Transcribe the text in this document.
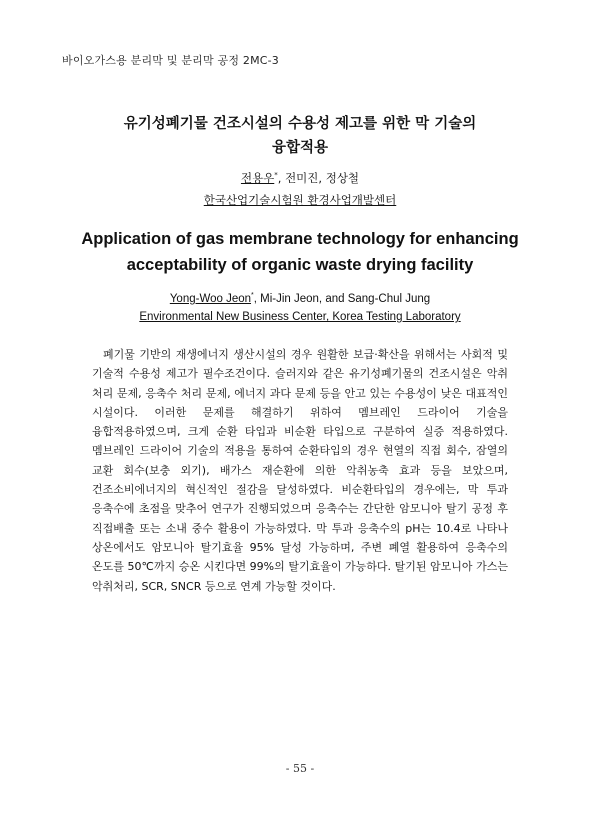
바이오가스용 분리막 및 분리막 공정 2MC-3
유기성폐기물 건조시설의 수용성 제고를 위한 막 기술의
융합적용
전용우*, 전미진, 정상철
한국산업기술시험원 환경사업개발센터
Application of gas membrane technology for enhancing
acceptability of organic waste drying facility
Yong-Woo Jeon*, Mi-Jin Jeon, and Sang-Chul Jung
Environmental New Business Center, Korea Testing Laboratory

폐기물 기반의 재생에너지 생산시설의 경우 원활한 보급·확산을 위해서는 사회적 및 기술적 수용성 제고가 필수조건이다. 슬러지와 같은 유기성폐기물의 건조시설은 악취 처리 문제, 응축수 처리 문제, 에너지 과다 문제 등을 안고 있는 수용성이 낮은 대표적인 시설이다. 이러한 문제를 해결하기 위하여 멤브레인 드라이어 기술을 융합적용하였으며, 크게 순환 타입과 비순환 타입으로 구분하여 실증 적용하였다. 멤브레인 드라이어 기술의 적용을 통하여 순환타입의 경우 현열의 직접 회수, 잠열의 교환 회수(보충 외기), 배가스 재순환에 의한 악취농축 효과 등을 보았으며, 건조소비에너지의 혁신적인 절감을 달성하였다. 비순환타입의 경우에는, 막 투과 응축수에 초점을 맞추어 연구가 진행되었으며 응축수는 간단한 암모니아 탈기 공정 후 직접배출 또는 소내 중수 활용이 가능하였다. 막 투과 응축수의 pH는 10.4로 나타나 상온에서도 암모니아 탈기효율 95% 달성 가능하며, 주변 폐열 활용하여 응축수의 온도를 50℃까지 승온 시킨다면 99%의 탈기효율이 가능하다. 탈기된 암모니아 가스는 악취처리, SCR, SNCR 등으로 연계 가능할 것이다.

- 55 -
